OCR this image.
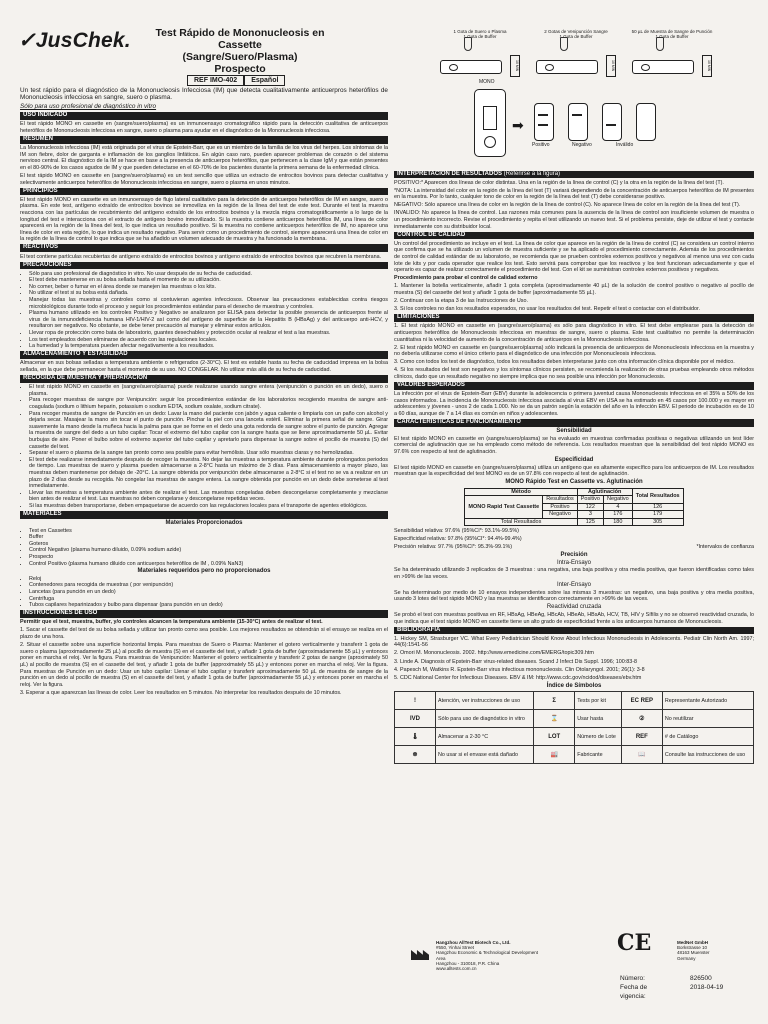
✓JusChek.	Test Rápido de Mononucleosis en Cassette
(Sangre/Suero/Plasma)
Prospecto
REF IMO-402	Español
1 Gota de Suero o Plasma
1 Gota de Buffer
10 MIN
2 Gotas de Venipunción Sangre
1 Gota de Buffer
10 MIN
50 µL de Muestra de Sangre de Punción
1 Gota de Buffer
10 MIN
MONO
➡
Positivo	Negativo	Inválido

Un test rápido para el diagnóstico de la Mononucleosis Infecciosa (IM) que detecta cualitativamente anticuerpros heterófilos de Mononucleosis infecciosa en sangre, suero o plasma.

Sólo para uso profesional de diagnóstico in vitro

USO INDICADO

El test rápido MONO en cassette en (sangre/suero/plasma) es un inmunoensayo cromatográfico rápido para la detección cualitativa de anticuerpos heterófilos de Mononucleosis infecciosa en sangre, suero o plasma para ayudar en el diagnóstico de la Mononucleosis infecciosa.

RESUMEN

La Mononucleosis infecciosa (IM) está originada por el virus de Epstein-Barr, que es un miembro de la familia de los virus del herpes. Los síntomas de la IM son fiebre, dolor de garganta e inflamación de los ganglios linfáticos. En algún caso raro, pueden aparecer problemas de corazón o del sistema nervioso central. El diagnóstico de la IM se hace en base a la presencia de anticuerpos heterófilos, que pertenecen a la clase IgM y que están presentes en el 80-90% de los casos agudos de IM y que pueden detectarse en el 60-70% de los pacientes durante la primera semana de la enfermedad clínica.

El test rápido MONO en cassette en (sangre/suero/plasma) es un test sencillo que utiliza un extracto de entrocitos bovinos para detectar cualitativa y selectivamente anticuerpos heterófilos de Mononucleosis infecciosa en sangre, suero o plasma en unos minutos.

PRINCIPIOS

El test rápido MONO en cassette es un inmunoensayo de flujo lateral cualitativo para la detección de anticuerpos heterófilos de IM en sangre, suero o plasma. En este test, antígeno extraído de entrocitos bovinos se inmoviliza en la región de la línea del test de este test. Durante el test la muestra reacciona con las partículas de recubrimiento del antígeno extraído de los entrocitos bovinos y la mezcla migra cromatográficamente a lo largo de la longitud del test e interacciona con el extracto de antígeno bovino inmovilizado. Si la muestra contiene anticuerpos heterófilos IM, una línea de color aparecerá en la región de la línea del test, lo que indica un resultado positivo. Si la muestra no contiene anticuerpos heterófilos de IM, no aparece una línea de color en esta región, lo que indica un resultado negativo. Para servir como un procedimiento de control, siempre aparecerá una línea de color en la región de la línea de control lo que indica que se ha añadido un volumen adecuado de muestra y ha funcionado la membrana.

REACTIVOS

El test contiene partículas recubiertas de antígeno extraído de entrocitos bovinos y antígeno extraído de entrocitos bovinos que recubren la membrana.

PRECAUCIONES
• Sólo para uso profesional de diagnóstico in vitro. No usar después de su fecha de caducidad.
• El test debe mantenerse en su bolsa sellada hasta el momento de su utilización.
• No comer, beber o fumar en el área donde se manejen las muestras o los kits.
• No utilizar el test si su bolsa está dañada.
• Manejar todas las muestras y controles como si contuvieran agentes infecciosos. Observar las precauciones establecidas contra riesgos microbiológicos durante todo el proceso y seguir los procedimientos estándar para el desecho de muestras y controles.
• Plasma humano utilizado en los controles Positivo y Negativo se analizaron por ELISA para detectar la posible presencia de anticuerpos frente al virus de la inmunodeficiencia humana HIV-1/HIV-2 así como del antígeno de superficie de la Hepatitis B (HBsAg) y del anticuerpo anti-HCV, y resultaron ser negativos. No obstante, se debe tener precaución al manejar y eliminar estos artículos.
• Llevar ropa de protección como bata de laboratorio, guantes desechables y protección ocular al realizar el test a las muestras.
• Los test empleados deben eliminarse de acuerdo con las regulaciones locales.
• La humedad y la temperatura pueden afectar negativamente a los resultados.
ALMACENAMIENTO Y ESTABILIDAD

Almacenar en sus bolsas selladas a temperatura ambiente o refrigerados (2-30°C). El test es estable hasta su fecha de caducidad impresa en la bolsa sellada, en la que debe permanecer hasta el momento de su uso. NO CONGELAR. No utilizar más allá de su fecha de caducidad.

RECOGIDA DE MUESTRA Y PREPARACIÓN
• El test rápido MONO en cassette en (sangre/suero/plasma) puede realizarse usando sangre entera (venipunción o punción en un dedo), suero o plasma.
• Para recoger muestras de sangre por Venipunción: seguir los procedimientos estándar de los laboratorios recogiendo muestra de sangre anti-coagulada (sodium o lithium heparin, potassium o sodium EDTA, sodium oxalate, sodium citrate).
• Para recoger muestra de sangre de Punción en un dedo: Lavar la mano del paciente con jabón y agua caliente o limpiarla con un paño con alcohol y dejarla secar. Masajear la mano sin tocar el punto de punción. Pinchar la piel con una lanceta estéril. Eliminar la primera señal de sangre. Girar suavemente la mano desde la muñeca hacia la palma para que se forme en el dedo una gota redonda de sangre sobre el punto de punción. Agregar la muestra de sangre del dedo a un tubo capilar: Tocar el extremo del tubo capilar con la sangre hasta que se llene aproximadamente 50 µL. Evitar burbujas de aire. Poner el bulbo sobre el extremo superior del tubo capilar y apretarlo para dispensar la sangre sobre el pocillo de muestra (S) del cassette del test.
• Separar el suero o plasma de la sangre tan pronto como sea posible para evitar hemólisis. Usar sólo muestras claras y no hemolizadas.
• El test debe realizarse inmediatamente después de recoger la muestra. No dejar las muestras a temperatura ambiente durante prolongados periodos de tiempo. Las muestras de suero y plasma pueden almacenarse a 2-8°C hasta un máximo de 3 días. Para almacenamiento a mayor plazo, las muestras deben mantenerse por debajo de -20°C. La sangre obtenida por venipunción debe almacenarse a 2-8°C si el test no se va a realizar en un plazo de 2 días desde su recogida. No congelar las muestras de sangre entera. La sangre obtenida por punción en un dedo debe someterse al test inmediatamente.
• Llevar las muestras a temperatura ambiente antes de realizar el test. Las muestras congeladas deben descongelarse completamente y mezclarse bien antes de realizar el test. Las muestras no deben congelarse y descongelarse repetidas veces.
• Si las muestras deben transportarse, deben empaquetarse de acuerdo con las regulaciones locales para el transporte de agentes etiológicos.
MATERIALES
Materiales Proporcionados
• Test en Cassettes
• Buffer
• Goteros
• Control Negativo (plasma humano diluido, 0.09% sodium azide)
• Prospecto
• Control Positivo (plasma humano diluido con anticuerpos heterófilos de IM , 0.09% NaN3)
Materiales requeridos pero no proporcionados
• Reloj
• Contenedores para recogida de muestras ( por venipunción)
• Lancetas (para punción en un dedo)
• Centrífuga
• Tubos capilares heparinizados y bulbo para dispensar (para punción en un dedo)
INSTRUCCIONES DE USO

Permitir que el test, muestra, buffer, y/o controles alcancen la temperatura ambiente (15-30°C) antes de realizar el test.

1. Sacar el cassette del test de su bolsa sellada y utilizar tan pronto como sea posible. Los mejores resultados se obtendrán si el ensayo se realiza en el plazo de una hora.

2. Situar el cassette sobre una superficie horizontal limpia. Para muestras de Suero o Plasma: Mantener el gotero verticalmente y transferir 1 gota de suero o plasma (aproximadamente 25 µL) al pocillo de muestra (S) en el cassette del test, y añadir 1 gota de buffer (aproximadamente 55 µL) y entonces poner en marcha el reloj. Ver la figura. Para muestras de Venipunción: Mantener el gotero verticalmente y transferir 2 gotas de sangre (aproximately 50 µL) al pocillo de muestra (S) en el cassette del test, y añadir 1 gota de buffer (approximately 55 µL) y entonces poner en marcha el reloj. Ver la figura. Para muestras de Punción en un dedo: Usar un tubo capilar: Llenar el tubo capilar y transferir aproximadamente 50 µL de muestra de sangre de la punción en un dedo al pocillo de muestra (S) en el cassette del test, y añadir 1 gota de buffer (aproximadamente 55 µL) y entonces poner en marcha el reloj. Ver la figura.

3. Esperar a que aparezcan las líneas de color. Leer los resultados en 5 minutos. No interpretar los resultados después de 10 minutos.

INTERPRETACION DE RESULTADOS (Referirse a la figura)

POSITIVO:* Aparecen dos líneas de color distintas. Una en la región de la línea de control (C) y la otra en la región de la línea del test (T).

*NOTA: La intensidad del color en la región de la línea del test (T) variará dependiendo de la concentración de anticuerpos heterófilos de IM presentes en la muestra. Por lo tanto, cualquier tono de color en la región de la línea del test (T) debe considerarse positivo.

NEGATIVO: Sólo aparece una línea de color en la región de la línea de control (C). No aparece línea de color en la región de la línea del test (T).

INVALIDO: No aparece la línea de control. Las razones más comunes para la ausencia de la línea de control son insuficiente volumen de muestra o un procedimiento incorrecto. Revise el procedimiento y repita el test utilizando un nuevo test. Si el problema persiste, deje de utilizar el test y contacte inmediatamente con su distribuidor local.

CONTROL DE CALIDAD

Un control del procedimiento se incluye en el test. La línea de color que aparece en la región de la línea de control (C) se considera un control interno que confirma que se ha utilizado un volumen de muestra suficiente y se ha aplicado el procedimiento correctamente. Además de los procedimientos de control de calidad estándar de su laboratorio, se recomienda que se prueben controles externos positivos y negativos al menos una vez con cada lote de kits y por cada operador que realice los test. Esto servirá para comprobar que los reactivos y los test funcionan adecuadamente y que el operario es capaz de realizar correctamente el procedimiento del test. Con el kit se suministran controles externos positivos y negativos.

Procedimiento para probar el control de calidad externo

1. Mantener la botella verticalmente, añadir 1 gota completa (aproximadamente 40 µL) de la solución de control positivo o negativo al pocillo de muestra (S) del cassette del test y añadir 1 gota de buffer (aproximadamente 55 µL).

2. Continuar con la etapa 3 de las Instrucciones de Uso.

3. Si los controles no dan los resultados esperados, no usar los resultados del test. Repetir el test o contactar con el distribuidor.

LIMITACIONES

1. El test rápido MONO en cassette en (sangre/suero/plasma) es sólo para diagnóstico in vitro. El test debe emplearse para la detección de anticuerpos heterófilos de Mononucleosis infecciosa en muestras de sangre, suero o plasma. Este test cualitativo no permite la determinación cuantitativa ni la velocidad de aumento de la concentración de anticuerpos en la Mononucleosis infecciosa.

2. El test rápido MONO en cassette en (sangre/suero/plasma) sólo indicará la presencia de anticuerpos de Mononucleosis infecciosa en la muestra y no debería utilizarse como el único criterio para el diagnóstico de una infección por Mononucleosis infecciosa.

3. Como con todos los test de diagnóstico, todos los resultados deben interpretarse junto con otra información clínica disponible por el médico.

4. Si los resultados del test son negativos y los síntomas clínicos persisten, se recomienda la realización de otras pruebas empleando otros métodos clínicos, dado que un resultado negativo no siempre implica que no sea posible una infección por Mononucleosis.

VALORES ESPERADOS

La infección por el virus de Epstein-Barr (EBV) durante la adolescencia o primera juventud causa Mononucleosis infecciosa en el 35% a 50% de los casos informados. La incidencia de Mononucleosis infecciosa asociada al virus EBV en USA se ha estimado en 45 casos por 100.000 y es mayor en adolescentes y jóvenes - unos 2 de cada 1.000. No se da un patrón según la estación del año en la infección EBV. El periodo de incubación es de 10 a 60 días, aunque de 7 a 14 días es común en niños y adolescentes.

CARACTERISTICAS DE FUNCIONAMIENTO
Sensibilidad

El test rápido MONO en cassette en (sangre/suero/plasma) se ha evaluado en muestras confirmadas positivas o negativas utilizando un test líder comercial de aglutinación que se ha empleado como método de referencia. Los resultados muestran que la sensibilidad del test rápido MONO es 97.6% con respecto al test de aglutinación.

Especificidad

El test rápido MONO en cassette en (sangre/suero/plasma) utiliza un antígeno que es altamente específico para los anticuerpos de IM. Los resultados muestran que la especificidad del test MONO es de un 97.8% con respecto al test de aglutinación.

MONO Rápido Test en Cassette vs. Aglutinación
Método		Aglutinación		Total Resultados
MONO Rapid Test Cassette	Resultados	Positivo	Negativo	
	Positivo	122	4	126
	Negativo	3	176	179
Total Resultados		125	180	305

Sensibilidad relativa: 97.6% (95%CI*: 93.1%-99.5%)

Especificidad relativa: 97.8% (95%CI*: 94.4%-99.4%)

Precisión relativa: 97.7% (95%CI*: 95.3%-99.1%)	*Intervalos de confianza

Precisión
Intra-Ensayo

Se ha determinado utilizando 3 replicados de 3 muestras : una negativa, una baja positiva y otra media positiva, que fueron identificadas como tales en >99% de las veces.

Inter-Ensayo

Se ha determinado por medio de 10 ensayos independientes sobre las mismas 3 muestras: un negativo, una baja positiva y otra media positiva, usando 3 lotes del test rápido MONO y las muestras se identificaron correctamente en >99% de las veces.

Reactividad cruzada

Se probó el test con muestras positivas en RF, HBsAg, HBeAg, HBcAb, HBeAb, HBsAb, HCV, TB, HIV y Sífilis y no se observó reactividad cruzada, lo que indica que el test rápido MONO en cassette tiene un alto grado de especificidad frente a los anticuerpos humanos de Mononucleosis.

BIBLIOGRAFIA

1. Hickey SM, Strasburger VC. What Every Pediatrician Should Know About Infectious Mononucleosis in Adolescents. Pediatr Clin North Am. 1997; 44(6):1541-56

2. Omori M. Mononucleosis. 2002. http://www.emedicine.com/EMERG/topic309.htm

3. Linde A. Diagnosis of Epstein-Barr virus-related diseases. Scand J Infect Dis Suppl. 1996; 100:83-8

4. Papesch M, Watkins R. Epstein-Barr virus infectious mononucleosis. Clin Otolaryngol. 2001; 26(1): 3-8

5. CDC National Center for Infectious Diseases. EBV & IM: http://www.cdc.gov/ncidod/diseases/ebv.htm

Índice de Símbolos
!	Atención, ver instrucciones de uso	Σ	Tests por kit	EC REP	Representante Autorizado
IVD	Sólo para uso de diagnóstico in vitro	⌛	Usar hasta	②	No reutilizar
🌡	Almacenar a 2-30 °C	LOT	Número de Lote	REF	# de Catálogo
⊗	No usar si el envase está dañado	🏭	Fabricante	📖	Consulte las instrucciones de uso
Hangzhou AllTest Biotech Co., Ltd.
#550, Yinhai Street
Hangzhou Economic & Technological Development Area
Hangzhou - 310018, P.R. China
www.alltests.com.cn
CE	MedNet GmbH
Borkstrasse 10
48163 Muenster
Germany
Número:	826500
Fecha de vigencia:
2018-04-19
